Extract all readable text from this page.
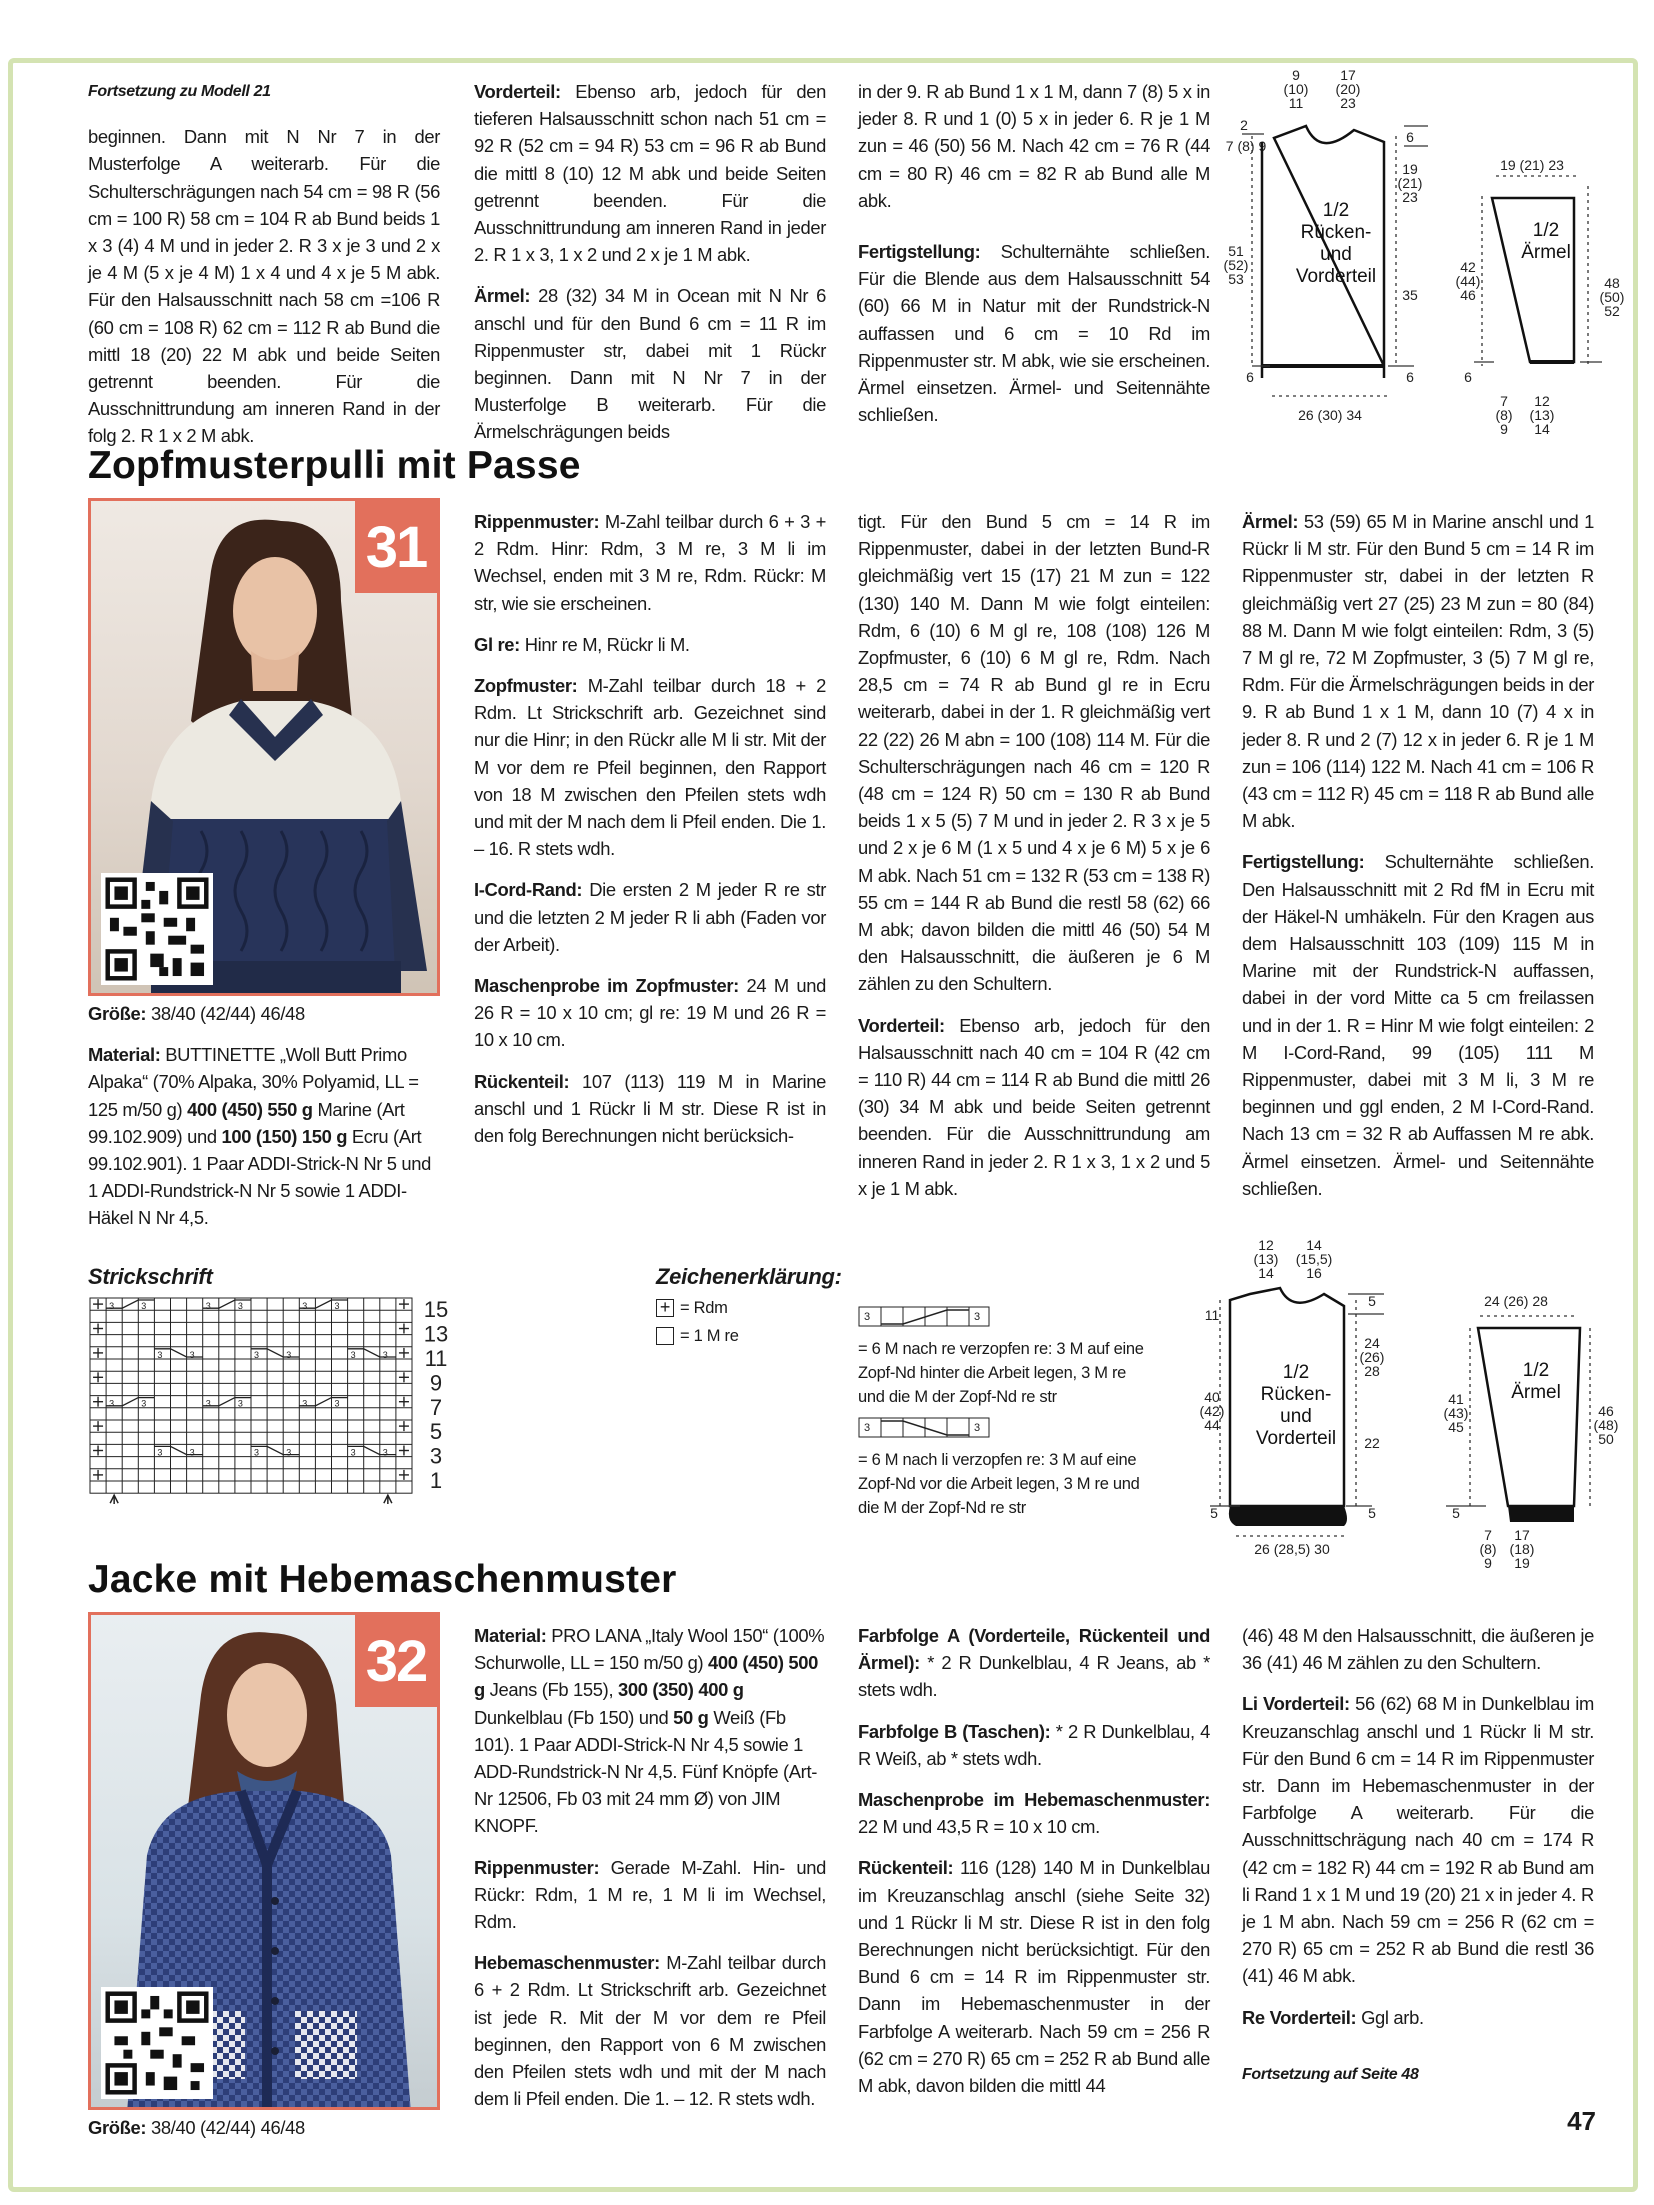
Fortsetzung zu Modell 21

beginnen. Dann mit N Nr 7 in der Musterfolge A weiterarb. Für die Schulterschrägungen nach 54 cm = 98 R (56 cm = 100 R) 58 cm = 104 R ab Bund beids 1 x 3 (4) 4 M und in jeder 2. R 3 x je 3 und 2 x je 4 M (5 x je 4 M) 1 x 4 und 4 x je 5 M abk. Für den Halsausschnitt nach 58 cm =106 R (60 cm = 108 R) 62 cm = 112 R ab Bund die mittl 18 (20) 22 M abk und beide Seiten getrennt beenden. Für die Ausschnittrundung am inneren Rand in der folg 2. R 1 x 2 M abk.

Vorderteil: Ebenso arb, jedoch für den tieferen Halsausschnitt schon nach 51 cm = 92 R (52 cm = 94 R) 53 cm = 96 R ab Bund die mittl 8 (10) 12 M abk und beide Seiten getrennt beenden. Für die Ausschnittrundung am inneren Rand in jeder 2. R 1 x 3, 1 x 2 und 2 x je 1 M abk.

Ärmel: 28 (32) 34 M in Ocean mit N Nr 6 anschl und für den Bund 6 cm = 11 R im Rippenmuster str, dabei mit 1 Rückr beginnen. Dann mit N Nr 7 in der Musterfolge B weiterarb. Für die Ärmelschrägungen beids

in der 9. R ab Bund 1 x 1 M, dann 7 (8) 5 x in jeder 8. R und 1 (0) 5 x in jeder 6. R je 1 M zun = 46 (50) 56 M. Nach 42 cm = 76 R (44 cm = 80 R) 46 cm = 82 R ab Bund alle M abk.

Fertigstellung: Schulternähte schließen. Für die Blende aus dem Halsausschnitt 54 (60) 66 M in Natur mit der Rundstrick-N auffassen und 6 cm = 10 Rd im Rippenmuster str. M abk, wie sie erscheinen. Ärmel einsetzen. Ärmel- und Seitennähte schließen.

9
(10)
11
17
(20)
23
2
7 (8) 9
6
19
(21)
23
51
(52)
53
35
6	6
26 (30) 34
1/2
Rücken-
und
Vorderteil
19 (21) 23
42
(44)
46
48
(50)
52
6
7
(8)
9
12
(13)
14
1/2
Ärmel
Zopfmusterpulli mit Passe
31

Größe: 38/40 (42/44) 46/48

Material: BUTTINETTE „Woll Butt Primo Alpaka“ (70% Alpaka, 30% Polyamid, LL = 125 m/50 g) 400 (450) 550 g Marine (Art 99.102.909) und 100 (150) 150 g Ecru (Art 99.102.901). 1 Paar ADDI-Strick-N Nr 5 und 1 ADDI-Rundstrick-N Nr 5 sowie 1 ADDI-Häkel N Nr 4,5.

Rippenmuster: M-Zahl teilbar durch 6 + 3 + 2 Rdm. Hinr: Rdm, 3 M re, 3 M li im Wechsel, enden mit 3 M re, Rdm. Rückr: M str, wie sie erscheinen.

Gl re: Hinr re M, Rückr li M.

Zopfmuster: M-Zahl teilbar durch 18 + 2 Rdm. Lt Strickschrift arb. Gezeichnet sind nur die Hinr; in den Rückr alle M li str. Mit der M vor dem re Pfeil beginnen, den Rapport von 18 M zwischen den Pfeilen stets wdh und mit der M nach dem li Pfeil enden. Die 1. – 16. R stets wdh.

I-Cord-Rand: Die ersten 2 M jeder R re str und die letzten 2 M jeder R li abh (Faden vor der Arbeit).

Maschenprobe im Zopfmuster: 24 M und 26 R = 10 x 10 cm; gl re: 19 M und 26 R = 10 x 10 cm.

Rückenteil: 107 (113) 119 M in Marine anschl und 1 Rückr li M str. Diese R ist in den folg Berechnungen nicht berücksich-

tigt. Für den Bund 5 cm = 14 R im Rippenmuster, dabei in der letzten Bund-R gleichmäßig vert 15 (17) 21 M zun = 122 (130) 140 M. Dann M wie folgt einteilen: Rdm, 6 (10) 6 M gl re, 108 (108) 126 M Zopfmuster, 6 (10) 6 M gl re, Rdm. Nach 28,5 cm = 74 R ab Bund gl re in Ecru weiterarb, dabei in der 1. R gleichmäßig vert 22 (22) 26 M abn = 100 (108) 114 M. Für die Schulterschrägungen nach 46 cm = 120 R (48 cm = 124 R) 50 cm = 130 R ab Bund beids 1 x 5 (5) 7 M und in jeder 2. R 3 x je 5 und 2 x je 6 M (1 x 5 und 4 x je 6 M) 5 x je 6 M abk. Nach 51 cm = 132 R (53 cm = 138 R) 55 cm = 144 R ab Bund die restl 58 (62) 66 M abk; davon bilden die mittl 46 (50) 54 M den Halsausschnitt, die äußeren je 6 M zählen zu den Schultern.

Vorderteil: Ebenso arb, jedoch für den Halsausschnitt nach 40 cm = 104 R (42 cm = 110 R) 44 cm = 114 R ab Bund die mittl 26 (30) 34 M abk und beide Seiten getrennt beenden. Für die Ausschnittrundung am inneren Rand in jeder 2. R 1 x 3, 1 x 2 und 5 x je 1 M abk.

Ärmel: 53 (59) 65 M in Marine anschl und 1 Rückr li M str. Für den Bund 5 cm = 14 R im Rippenmuster str, dabei in der letzten R gleichmäßig vert 27 (25) 23 M zun = 80 (84) 88 M. Dann M wie folgt einteilen: Rdm, 3 (5) 7 M gl re, 72 M Zopfmuster, 3 (5) 7 M gl re, Rdm. Für die Ärmelschrägungen beids in der 9. R ab Bund 1 x 1 M, dann 10 (7) 4 x in jeder 8. R und 2 (7) 12 x in jeder 6. R je 1 M zun = 106 (114) 122 M. Nach 41 cm = 106 R (43 cm = 112 R) 45 cm = 118 R ab Bund alle M abk.

Fertigstellung: Schulternähte schließen. Den Halsausschnitt mit 2 Rd fM in Ecru mit der Häkel-N umhäkeln. Für den Kragen aus dem Halsausschnitt 103 (109) 115 M in Marine mit der Rundstrick-N auffassen, dabei in der vord Mitte ca 5 cm freilassen und in der 1. R = Hinr M wie folgt einteilen: 2 M I-Cord-Rand, 99 (105) 111 M Rippenmuster, dabei mit 3 M li, 3 M re beginnen und ggl enden, 2 M I-Cord-Rand. Nach 13 cm = 32 R ab Auffassen M re abk. Ärmel einsetzen. Ärmel- und Seitennähte schließen.

Strickschrift
3	3	3	3	3	3
3	3	3	3	3	3
3	3	3	3	3	3
3	3	3	3	3	3
15
13
11
9
7
5
3
1
Zeichenerklärung:
+ = Rdm
= 1 M re
3	3
= 6 M nach re verzopfen re: 3 M auf eine Zopf-Nd hinter die Arbeit legen, 3 M re und die M der Zopf-Nd re str
3	3
= 6 M nach li verzopfen re: 3 M auf eine Zopf-Nd vor die Arbeit legen, 3 M re und die M der Zopf-Nd re str
12
(13)
14
14
(15,5)
16
11
5
24
(26)
28
40
(42)
44
22
5	5
26 (28,5) 30
1/2
Rücken-
und
Vorderteil
24 (26) 28
41
(43)
45
46
(48)
50
5
7
(8)
9
17
(18)
19
1/2
Ärmel
Jacke mit Hebemaschenmuster
32

Größe: 38/40 (42/44) 46/48

Material: PRO LANA „Italy Wool 150“ (100% Schurwolle, LL = 150 m/50 g) 400 (450) 500 g Jeans (Fb 155), 300 (350) 400 g Dunkelblau (Fb 150) und 50 g Weiß (Fb 101). 1 Paar ADDI-Strick-N Nr 4,5 sowie 1 ADD-Rundstrick-N Nr 4,5. Fünf Knöpfe (Art-Nr 12506, Fb 03 mit 24 mm Ø) von JIM KNOPF.

Rippenmuster: Gerade M-Zahl. Hin- und Rückr: Rdm, 1 M re, 1 M li im Wechsel, Rdm.

Hebemaschenmuster: M-Zahl teilbar durch 6 + 2 Rdm. Lt Strickschrift arb. Gezeichnet ist jede R. Mit der M vor dem re Pfeil beginnen, den Rapport von 6 M zwischen den Pfeilen stets wdh und mit der M nach dem li Pfeil enden. Die 1. – 12. R stets wdh.

Farbfolge A (Vorderteile, Rückenteil und Ärmel): * 2 R Dunkelblau, 4 R Jeans, ab * stets wdh.

Farbfolge B (Taschen): * 2 R Dunkelblau, 4 R Weiß, ab * stets wdh.

Maschenprobe im Hebemaschenmuster: 22 M und 43,5 R = 10 x 10 cm.

Rückenteil: 116 (128) 140 M in Dunkelblau im Kreuzanschlag anschl (siehe Seite 32) und 1 Rückr li M str. Diese R ist in den folg Berechnungen nicht berücksichtigt. Für den Bund 6 cm = 14 R im Rippenmuster str. Dann im Hebemaschenmuster in der Farbfolge A weiterarb. Nach 59 cm = 256 R (62 cm = 270 R) 65 cm = 252 R ab Bund alle M abk, davon bilden die mittl 44

(46) 48 M den Halsausschnitt, die äußeren je 36 (41) 46 M zählen zu den Schultern.

Li Vorderteil: 56 (62) 68 M in Dunkelblau im Kreuzanschlag anschl und 1 Rückr li M str. Für den Bund 6 cm = 14 R im Rippenmuster str. Dann im Hebemaschenmuster in der Farbfolge A weiterarb. Für die Ausschnittschrägung nach 40 cm = 174 R (42 cm = 182 R) 44 cm = 192 R ab Bund am li Rand 1 x 1 M und 19 (20) 21 x in jeder 4. R je 1 M abn. Nach 59 cm = 256 R (62 cm = 270 R) 65 cm = 252 R ab Bund die restl 36 (41) 46 M abk.

Re Vorderteil: Ggl arb.

Fortsetzung auf Seite 48
47
